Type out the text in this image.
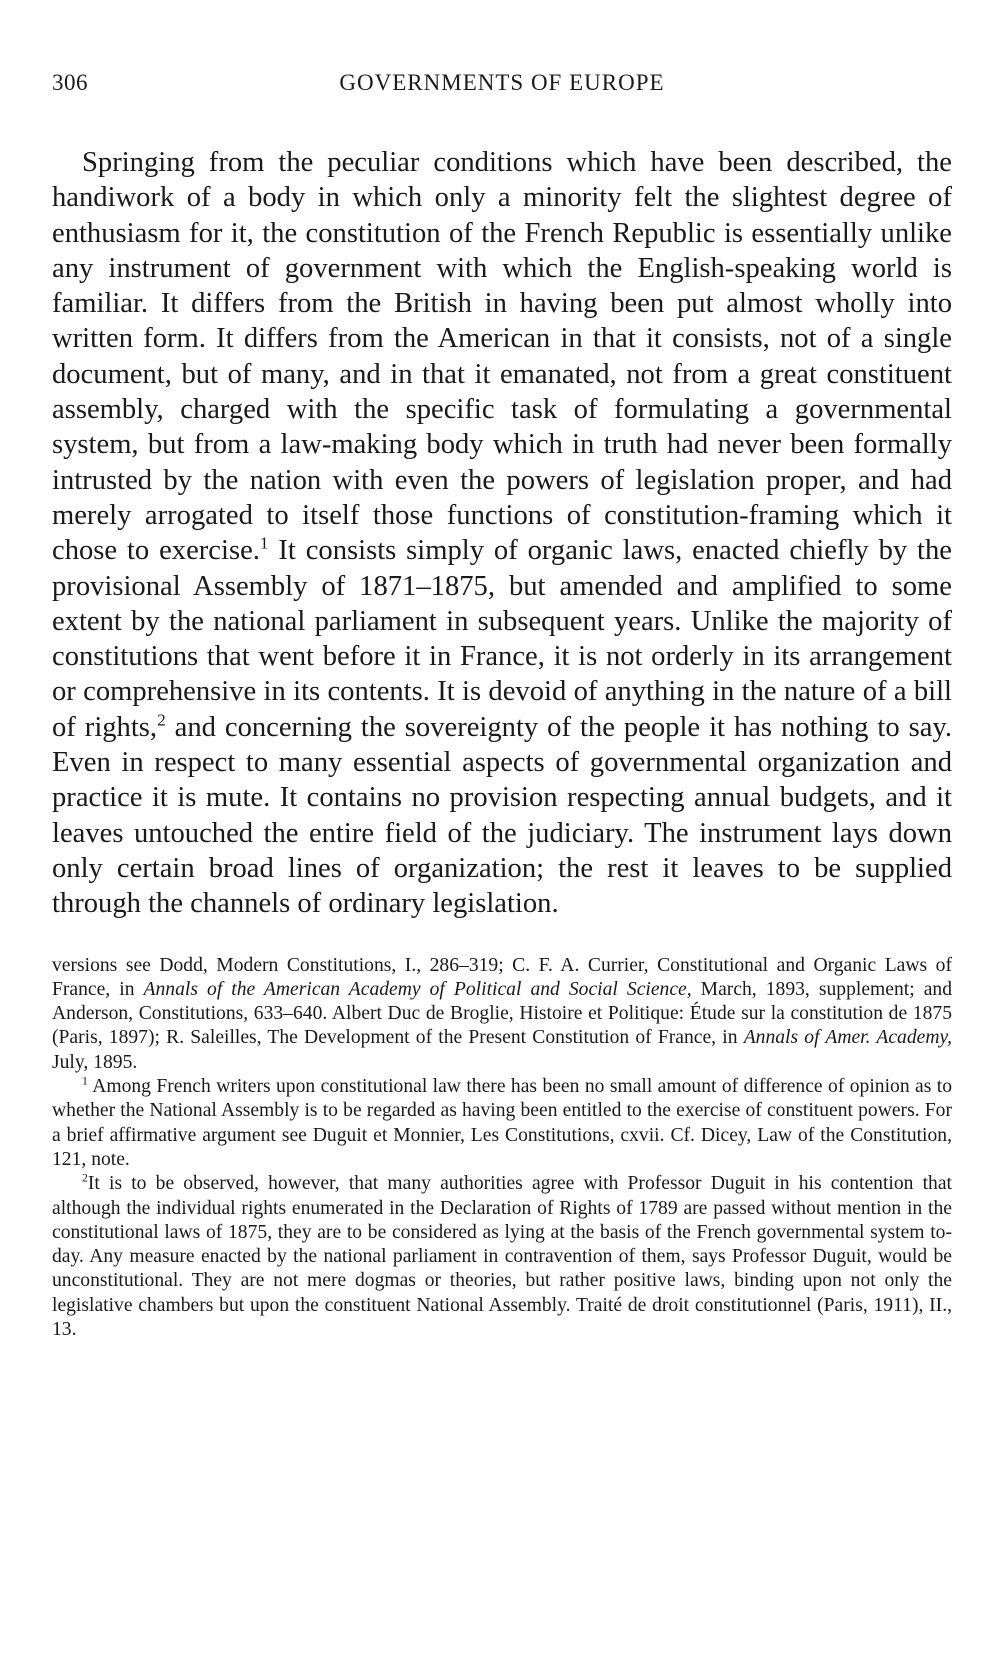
306	GOVERNMENTS OF EUROPE

Springing from the peculiar conditions which have been described, the handiwork of a body in which only a minority felt the slightest degree of enthusiasm for it, the constitution of the French Republic is essentially unlike any instrument of government with which the English-speaking world is familiar. It differs from the British in having been put almost wholly into written form. It differs from the American in that it consists, not of a single document, but of many, and in that it emanated, not from a great constituent assembly, charged with the specific task of formulating a governmental system, but from a law-making body which in truth had never been formally intrusted by the nation with even the powers of legislation proper, and had merely arrogated to itself those functions of constitution-framing which it chose to exercise.$^1$ It consists simply of organic laws, enacted chiefly by the provisional Assembly of 1871–1875, but amended and amplified to some extent by the national parliament in subsequent years. Unlike the majority of constitutions that went before it in France, it is not orderly in its arrangement or comprehensive in its contents. It is devoid of anything in the nature of a bill of rights,$^2$ and concerning the sovereignty of the people it has nothing to say. Even in respect to many essential aspects of governmental organization and practice it is mute. It contains no provision respecting annual budgets, and it leaves untouched the entire field of the judiciary. The instrument lays down only certain broad lines of organization; the rest it leaves to be supplied through the channels of ordinary legislation.

versions see Dodd, Modern Constitutions, I., 286–319; C. F. A. Currier, Constitutional and Organic Laws of France, in Annals of the American Academy of Political and Social Science, March, 1893, supplement; and Anderson, Constitutions, 633–640. Albert Duc de Broglie, Histoire et Politique: Étude sur la constitution de 1875 (Paris, 1897); R. Saleilles, The Development of the Present Constitution of France, in Annals of Amer. Academy, July, 1895.

$^1$ Among French writers upon constitutional law there has been no small amount of difference of opinion as to whether the National Assembly is to be regarded as having been entitled to the exercise of constituent powers. For a brief affirmative argument see Duguit et Monnier, Les Constitutions, cxvii. Cf. Dicey, Law of the Constitution, 121, note.

$^2$It is to be observed, however, that many authorities agree with Professor Duguit in his contention that although the individual rights enumerated in the Declaration of Rights of 1789 are passed without mention in the constitutional laws of 1875, they are to be considered as lying at the basis of the French governmental system to-day. Any measure enacted by the national parliament in contravention of them, says Professor Duguit, would be unconstitutional. They are not mere dogmas or theories, but rather positive laws, binding upon not only the legislative chambers but upon the constituent National Assembly. Traité de droit constitutionnel (Paris, 1911), II., 13.
